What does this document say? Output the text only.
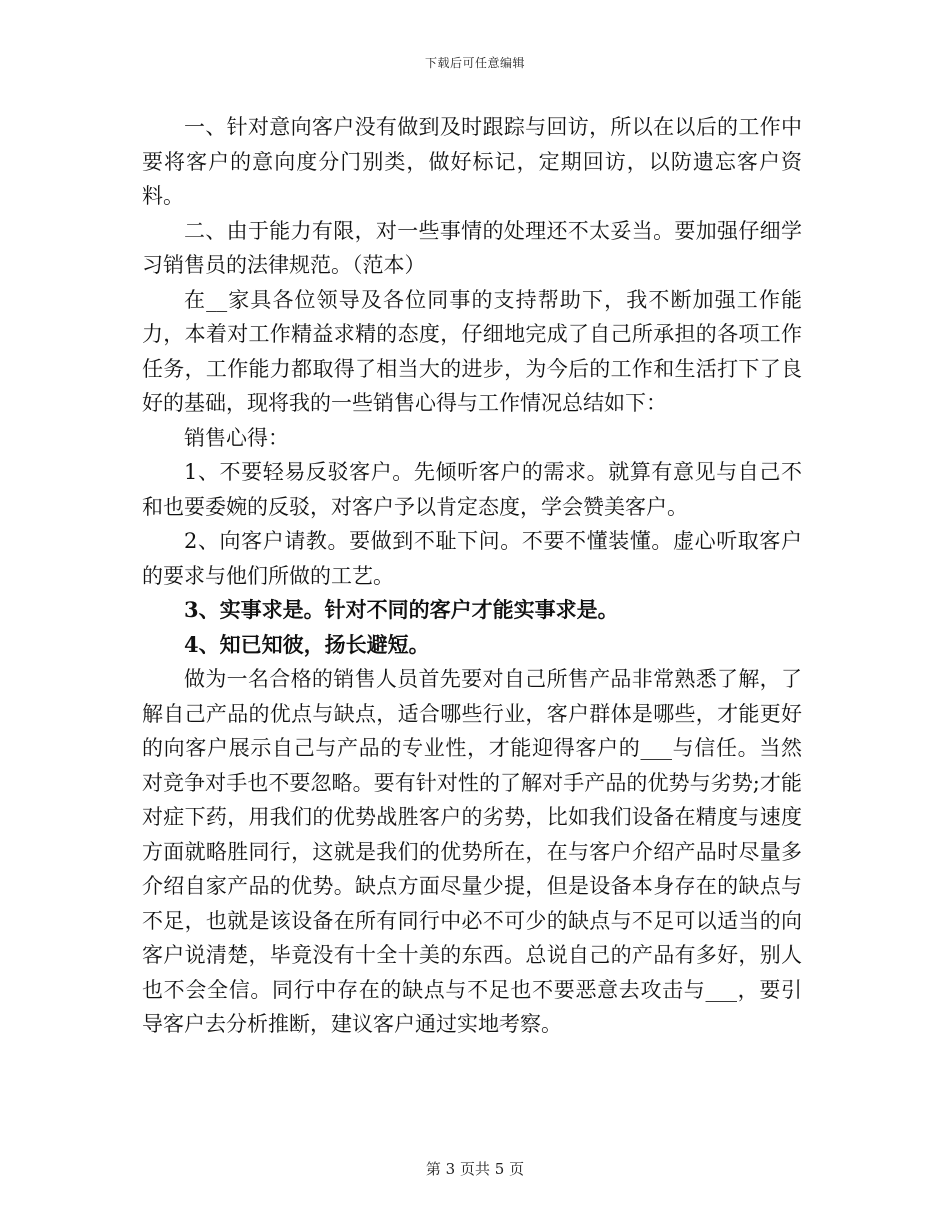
下载后可任意编辑

一、针对意向客户没有做到及时跟踪与回访，所以在以后的工作中要将客户的意向度分门别类，做好标记，定期回访，以防遗忘客户资料。

二、由于能力有限，对一些事情的处理还不太妥当。要加强仔细学习销售员的法律规范。（范本）

在__家具各位领导及各位同事的支持帮助下，我不断加强工作能力，本着对工作精益求精的态度，仔细地完成了自己所承担的各项工作任务，工作能力都取得了相当大的进步，为今后的工作和生活打下了良好的基础，现将我的一些销售心得与工作情况总结如下：

销售心得：

1、不要轻易反驳客户。先倾听客户的需求。就算有意见与自己不和也要委婉的反驳，对客户予以肯定态度，学会赞美客户。

2、向客户请教。要做到不耻下问。不要不懂装懂。虚心听取客户的要求与他们所做的工艺。

3、实事求是。针对不同的客户才能实事求是。

4、知已知彼，扬长避短。

做为一名合格的销售人员首先要对自己所售产品非常熟悉了解，了解自己产品的优点与缺点，适合哪些行业，客户群体是哪些，才能更好的向客户展示自己与产品的专业性，才能迎得客户的___与信任。当然对竞争对手也不要忽略。要有针对性的了解对手产品的优势与劣势;才能对症下药，用我们的优势战胜客户的劣势，比如我们设备在精度与速度方面就略胜同行，这就是我们的优势所在，在与客户介绍产品时尽量多介绍自家产品的优势。缺点方面尽量少提，但是设备本身存在的缺点与不足，也就是该设备在所有同行中必不可少的缺点与不足可以适当的向客户说清楚，毕竟没有十全十美的东西。总说自己的产品有多好，别人也不会全信。同行中存在的缺点与不足也不要恶意去攻击与___，要引导客户去分析推断，建议客户通过实地考察。

第 3 页共 5 页
